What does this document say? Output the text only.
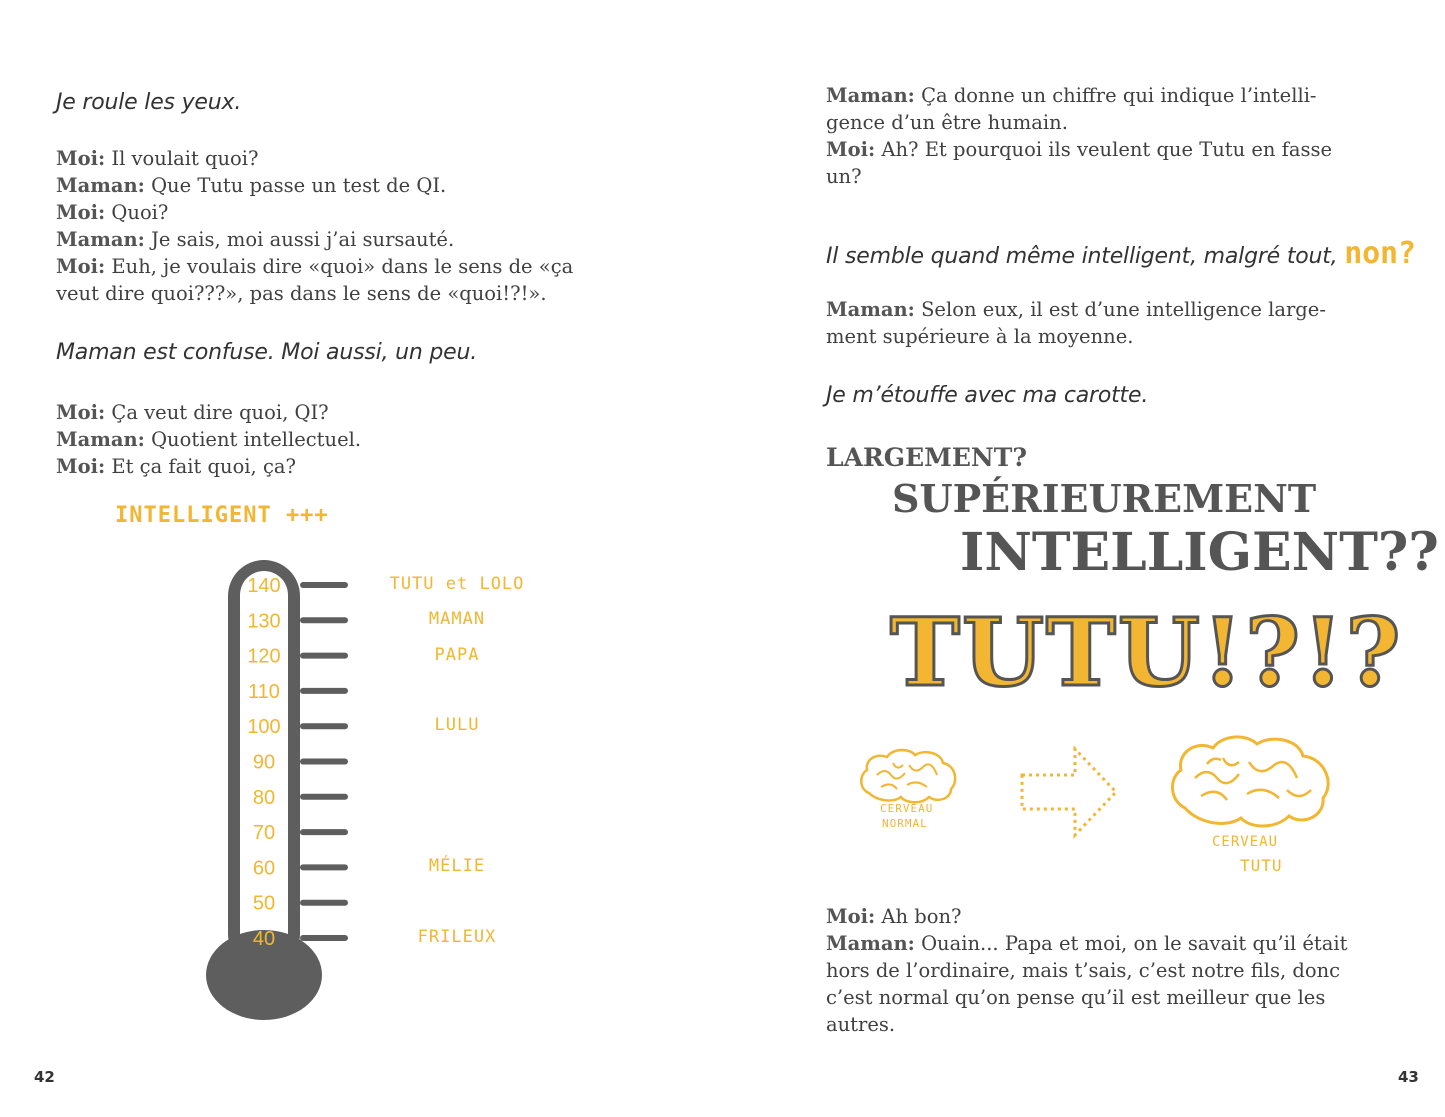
Je roule les yeux.
Moi: Il voulait quoi?
Maman: Que Tutu passe un test de QI.
Moi: Quoi?
Maman: Je sais, moi aussi j’ai sursauté.
Moi: Euh, je voulais dire «quoi» dans le sens de «ça
veut dire quoi???», pas dans le sens de «quoi!?!».
Maman est confuse. Moi aussi, un peu.
Moi: Ça veut dire quoi, QI?
Maman: Quotient intellectuel.
Moi: Et ça fait quoi, ça?
INTELLIGENT +++
140
130
120
110
100
90
80
70
60
50
40
TUTU et LOLO
MAMAN
PAPA
LULU
MÉLIE
FRILEUX
42
Maman: Ça donne un chiffre qui indique l’intelli-
gence d’un être humain.
Moi: Ah? Et pourquoi ils veulent que Tutu en fasse
un?
Il semble quand même intelligent, malgré tout, non?
Maman: Selon eux, il est d’une intelligence large-
ment supérieure à la moyenne.
Je m’étouffe avec ma carotte.
LARGEMENT?
SUPÉRIEUREMENT
INTELLIGENT??
TUTU!?!?
CERVEAU
NORMAL
CERVEAU
TUTU
Moi: Ah bon?
Maman: Ouain... Papa et moi, on le savait qu’il était
hors de l’ordinaire, mais t’sais, c’est notre fils, donc
c’est normal qu’on pense qu’il est meilleur que les
autres.
43
